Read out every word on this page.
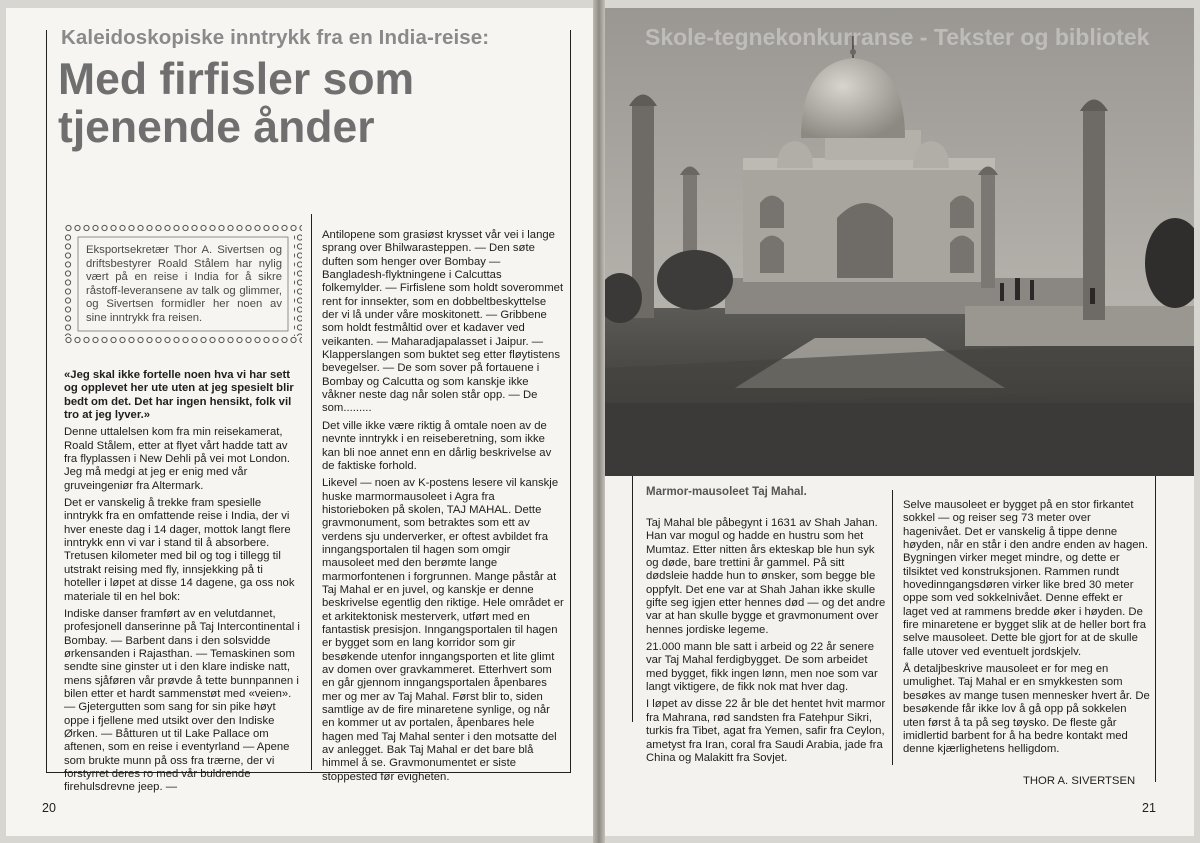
Kaleidoskopiske inntrykk fra en India-reise:
Med firfisler som tjenende ånder
Eksportsekretær Thor A. Sivertsen og driftsbestyrer Roald Stålem har nylig vært på en reise i India for å sikre råstoff-leveransene av talk og glimmer, og Sivertsen formidler her noen av sine inntrykk fra reisen.

«Jeg skal ikke fortelle noen hva vi har sett og opplevet her ute uten at jeg spesielt blir bedt om det. Det har ingen hensikt, folk vil tro at jeg lyver.»

Denne uttalelsen kom fra min reisekamerat, Roald Stålem, etter at flyet vårt hadde tatt av fra flyplassen i New Dehli på vei mot London. Jeg må medgi at jeg er enig med vår gruveingeniør fra Altermark.

Det er vanskelig å trekke fram spesielle inntrykk fra en omfattende reise i India, der vi hver eneste dag i 14 dager, mottok langt flere inntrykk enn vi var i stand til å absorbere. Tretusen kilometer med bil og tog i tillegg til utstrakt reising med fly, innsjekking på ti hoteller i løpet at disse 14 dagene, ga oss nok materiale til en hel bok:

Indiske danser framført av en velutdannet, profesjonell danserinne på Taj Intercontinental i Bombay. — Barbent dans i den solsvidde ørkensanden i Rajasthan. — Temaskinen som sendte sine ginster ut i den klare indiske natt, mens sjåføren vår prøvde å tette bunnpannen i bilen etter et hardt sammenstøt med «veien». — Gjetergutten som sang for sin pike høyt oppe i fjellene med utsikt over den Indiske Ørken. — Båtturen ut til Lake Pallace om aftenen, som en reise i eventyrland — Apene som brukte munn på oss fra trærne, der vi forstyrret deres ro med vår buldrende firehulsdrevne jeep. —

Antilopene som grasiøst krysset vår vei i lange sprang over Bhilwarasteppen. — Den søte duften som henger over Bombay — Bangladesh-flyktningene i Calcuttas folkemylder. — Firfislene som holdt soverommet rent for innsekter, som en dobbeltbeskyttelse der vi lå under våre moskitonett. — Gribbene som holdt festmåltid over et kadaver ved veikanten. — Maharadjapalasset i Jaipur. — Klapperslangen som buktet seg etter fløytistens bevegelser. — De som sover på fortauene i Bombay og Calcutta og som kanskje ikke våkner neste dag når solen står opp. — De som.........

Det ville ikke være riktig å omtale noen av de nevnte inntrykk i en reiseberetning, som ikke kan bli noe annet enn en dårlig beskrivelse av de faktiske forhold.

Likevel — noen av K-postens lesere vil kanskje huske marmormausoleet i Agra fra historieboken på skolen, TAJ MAHAL. Dette gravmonument, som betraktes som ett av verdens sju underverker, er oftest avbildet fra inngangsportalen til hagen som omgir mausoleet med den berømte lange marmorfontenen i forgrunnen. Mange påstår at Taj Mahal er en juvel, og kanskje er denne beskrivelse egentlig den riktige. Hele området er et arkitektonisk mesterverk, utført med en fantastisk presisjon. Inngangsportalen til hagen er bygget som en lang korridor som gir besøkende utenfor inngangsporten et lite glimt av domen over gravkammeret. Etterhvert som en går gjennom inngangsportalen åpenbares mer og mer av Taj Mahal. Først blir to, siden samtlige av de fire minaretene synlige, og når en kommer ut av portalen, åpenbares hele hagen med Taj Mahal senter i den motsatte del av anlegget. Bak Taj Mahal er det bare blå himmel å se. Gravmonumentet er siste stoppested før evigheten.

20
Skole-tegnekonkurranse - Tekster og bibliotek
Marmor-mausoleet Taj Mahal.

Taj Mahal ble påbegynt i 1631 av Shah Jahan. Han var mogul og hadde en hustru som het Mumtaz. Etter nitten års ekteskap ble hun syk og døde, bare trettini år gammel. På sitt dødsleie hadde hun to ønsker, som begge ble oppfylt. Det ene var at Shah Jahan ikke skulle gifte seg igjen etter hennes død — og det andre var at han skulle bygge et gravmonument over hennes jordiske legeme.

21.000 mann ble satt i arbeid og 22 år senere var Taj Mahal ferdigbygget. De som arbeidet med bygget, fikk ingen lønn, men noe som var langt viktigere, de fikk nok mat hver dag.

I løpet av disse 22 år ble det hentet hvit marmor fra Mahrana, rød sandsten fra Fatehpur Sikri, turkis fra Tibet, agat fra Yemen, safir fra Ceylon, ametyst fra Iran, coral fra Saudi Arabia, jade fra China og Malakitt fra Sovjet.

Selve mausoleet er bygget på en stor firkantet sokkel — og reiser seg 73 meter over hagenivået. Det er vanskelig å tippe denne høyden, når en står i den andre enden av hagen. Bygningen virker meget mindre, og dette er tilsiktet ved konstruksjonen. Rammen rundt hovedinngangsdøren virker like bred 30 meter oppe som ved sokkelnivået. Denne effekt er laget ved at rammens bredde øker i høyden. De fire minaretene er bygget slik at de heller bort fra selve mausoleet. Dette ble gjort for at de skulle falle utover ved eventuelt jordskjelv.

Å detaljbeskrive mausoleet er for meg en umulighet. Taj Mahal er en smykkesten som besøkes av mange tusen mennesker hvert år. De besøkende får ikke lov å gå opp på sokkelen uten først å ta på seg tøysko. De fleste går imidlertid barbent for å ha bedre kontakt med denne kjærlighetens helligdom.

THOR A. SIVERTSEN
21
